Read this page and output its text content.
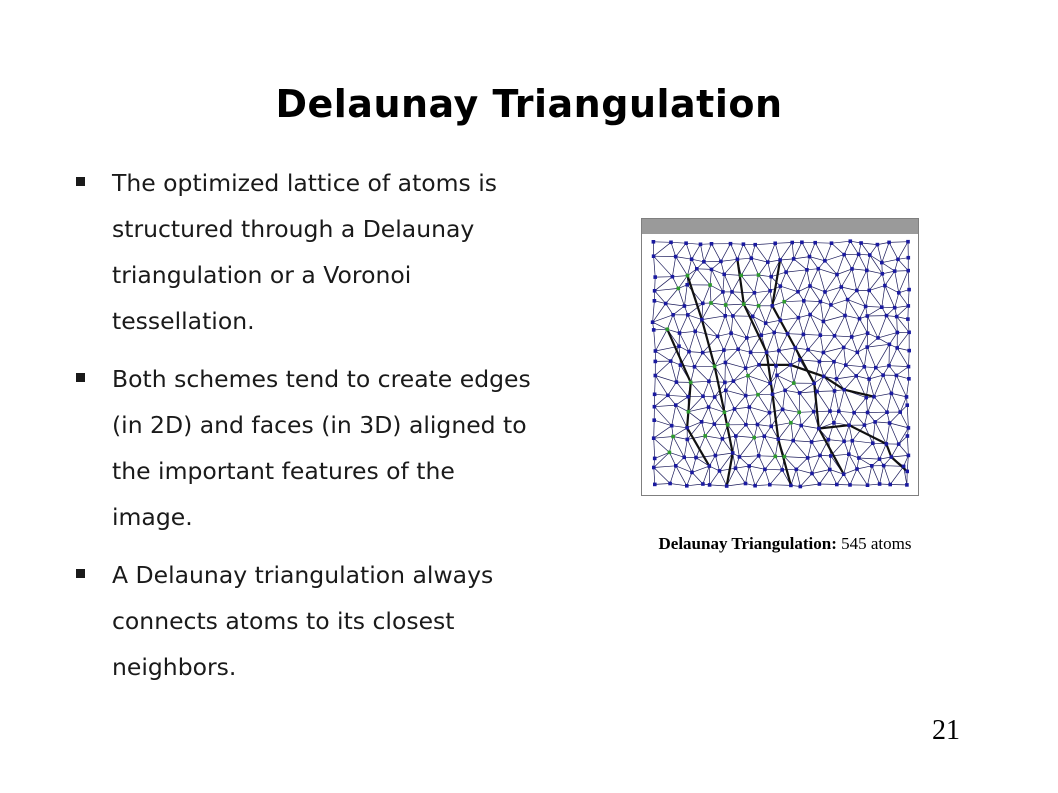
Delaunay Triangulation
The optimized lattice of atoms is structured through a Delaunay triangulation or a Voronoi tessellation.
Both schemes tend to create edges (in 2D) and faces (in 3D) aligned to the important features of the image.
A Delaunay triangulation always connects atoms to its closest neighbors.
Delaunay Triangulation: 545 atoms
21
